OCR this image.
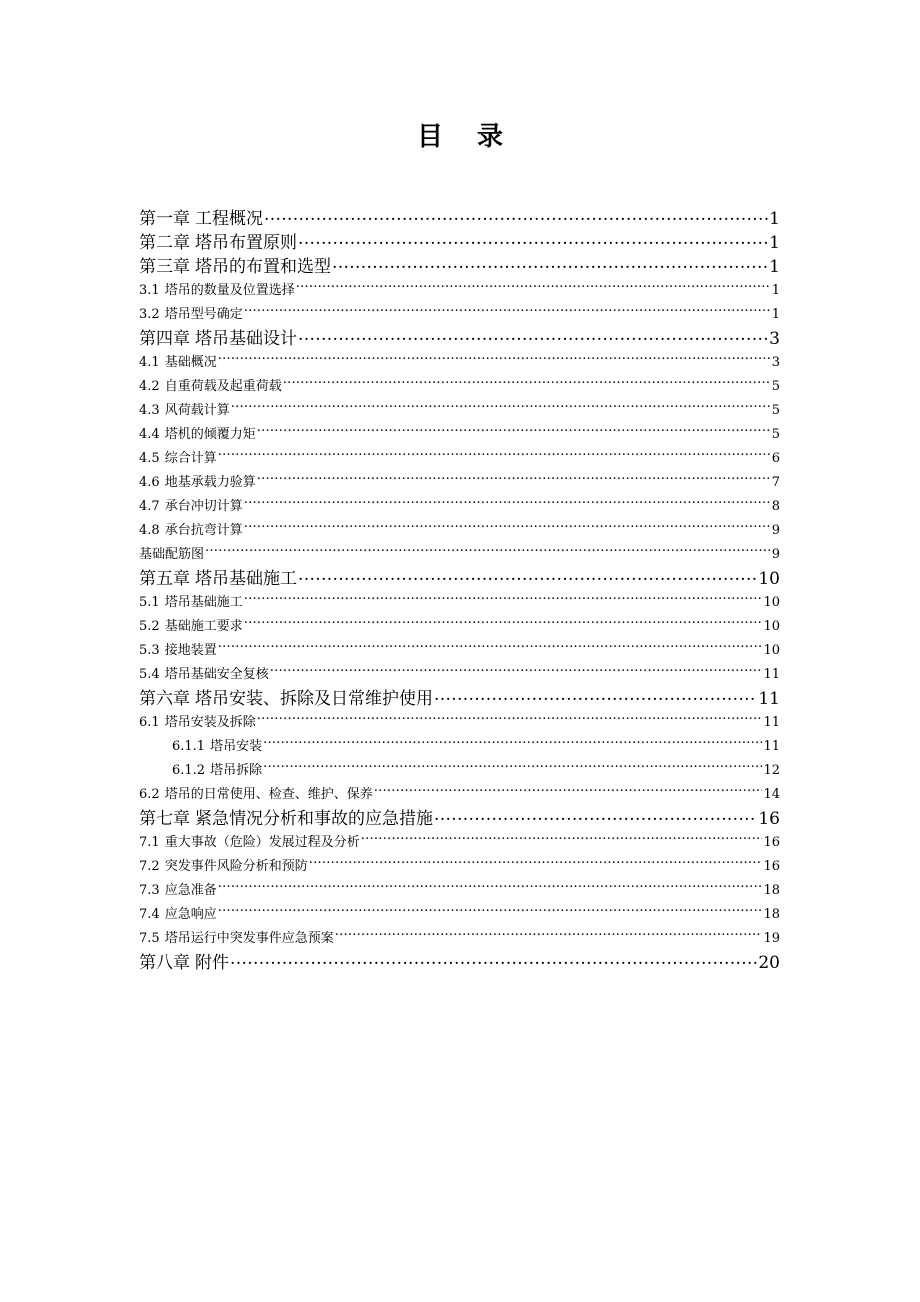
目 录
第一章 工程概况 .....	1
第二章 塔吊布置原则 .....	1
第三章 塔吊的布置和选型 .....	1
3.1 塔吊的数量及位置选择 .....	1
3.2 塔吊型号确定 .....	1
第四章 塔吊基础设计 .....	3
4.1 基础概况 .....	3
4.2 自重荷载及起重荷载 .....	5
4.3 风荷载计算 .....	5
4.4 塔机的倾覆力矩 .....	5
4.5 综合计算 .....	6
4.6 地基承载力验算 .....	7
4.7 承台冲切计算 .....	8
4.8 承台抗弯计算 .....	9
基础配筋图 .....	9
第五章 塔吊基础施工 .....	10
5.1 塔吊基础施工 .....	10
5.2 基础施工要求 .....	10
5.3 接地装置 .....	10
5.4 塔吊基础安全复核 .....	11
第六章 塔吊安装、拆除及日常维护使用 .....	11
6.1 塔吊安装及拆除 .....	11
6.1.1 塔吊安装 .....	11
6.1.2 塔吊拆除 .....	12
6.2 塔吊的日常使用、检查、维护、保养 .....	14
第七章 紧急情况分析和事故的应急措施 .....	16
7.1 重大事故（危险）发展过程及分析 .....	16
7.2 突发事件风险分析和预防 .....	16
7.3 应急准备 .....	18
7.4 应急响应 .....	18
7.5 塔吊运行中突发事件应急预案 .....	19
第八章 附件 .....	20
